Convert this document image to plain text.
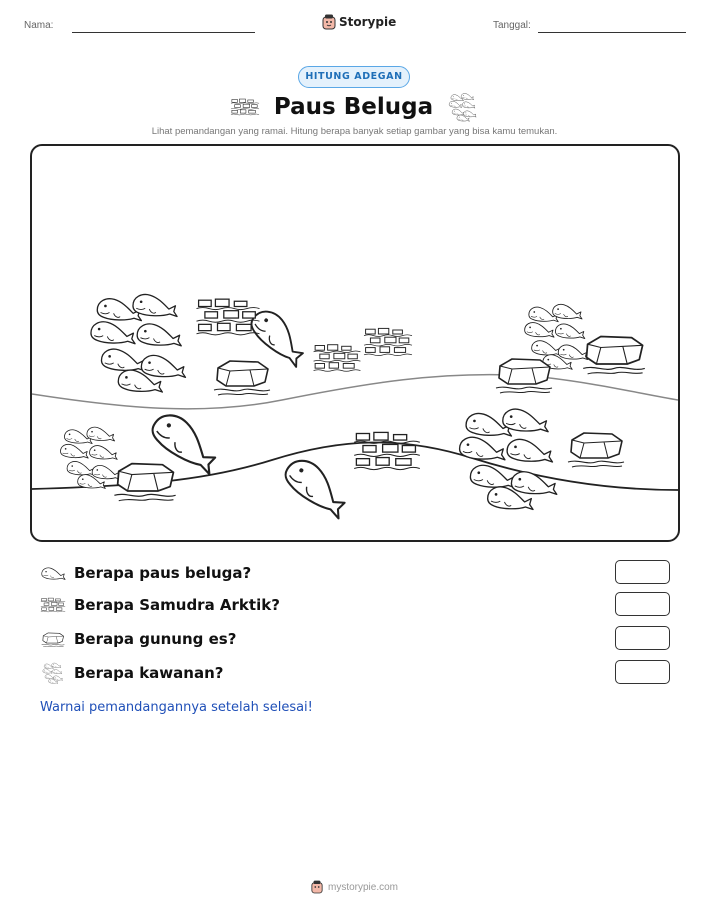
Nama:	Storypie	Tanggal:
HITUNG ADEGAN
Paus Beluga
Lihat pemandangan yang ramai. Hitung berapa banyak setiap gambar yang bisa kamu temukan.
Berapa paus beluga?
Berapa Samudra Arktik?
Berapa gunung es?
Berapa kawanan?
Warnai pemandangannya setelah selesai!
mystorypie.com
